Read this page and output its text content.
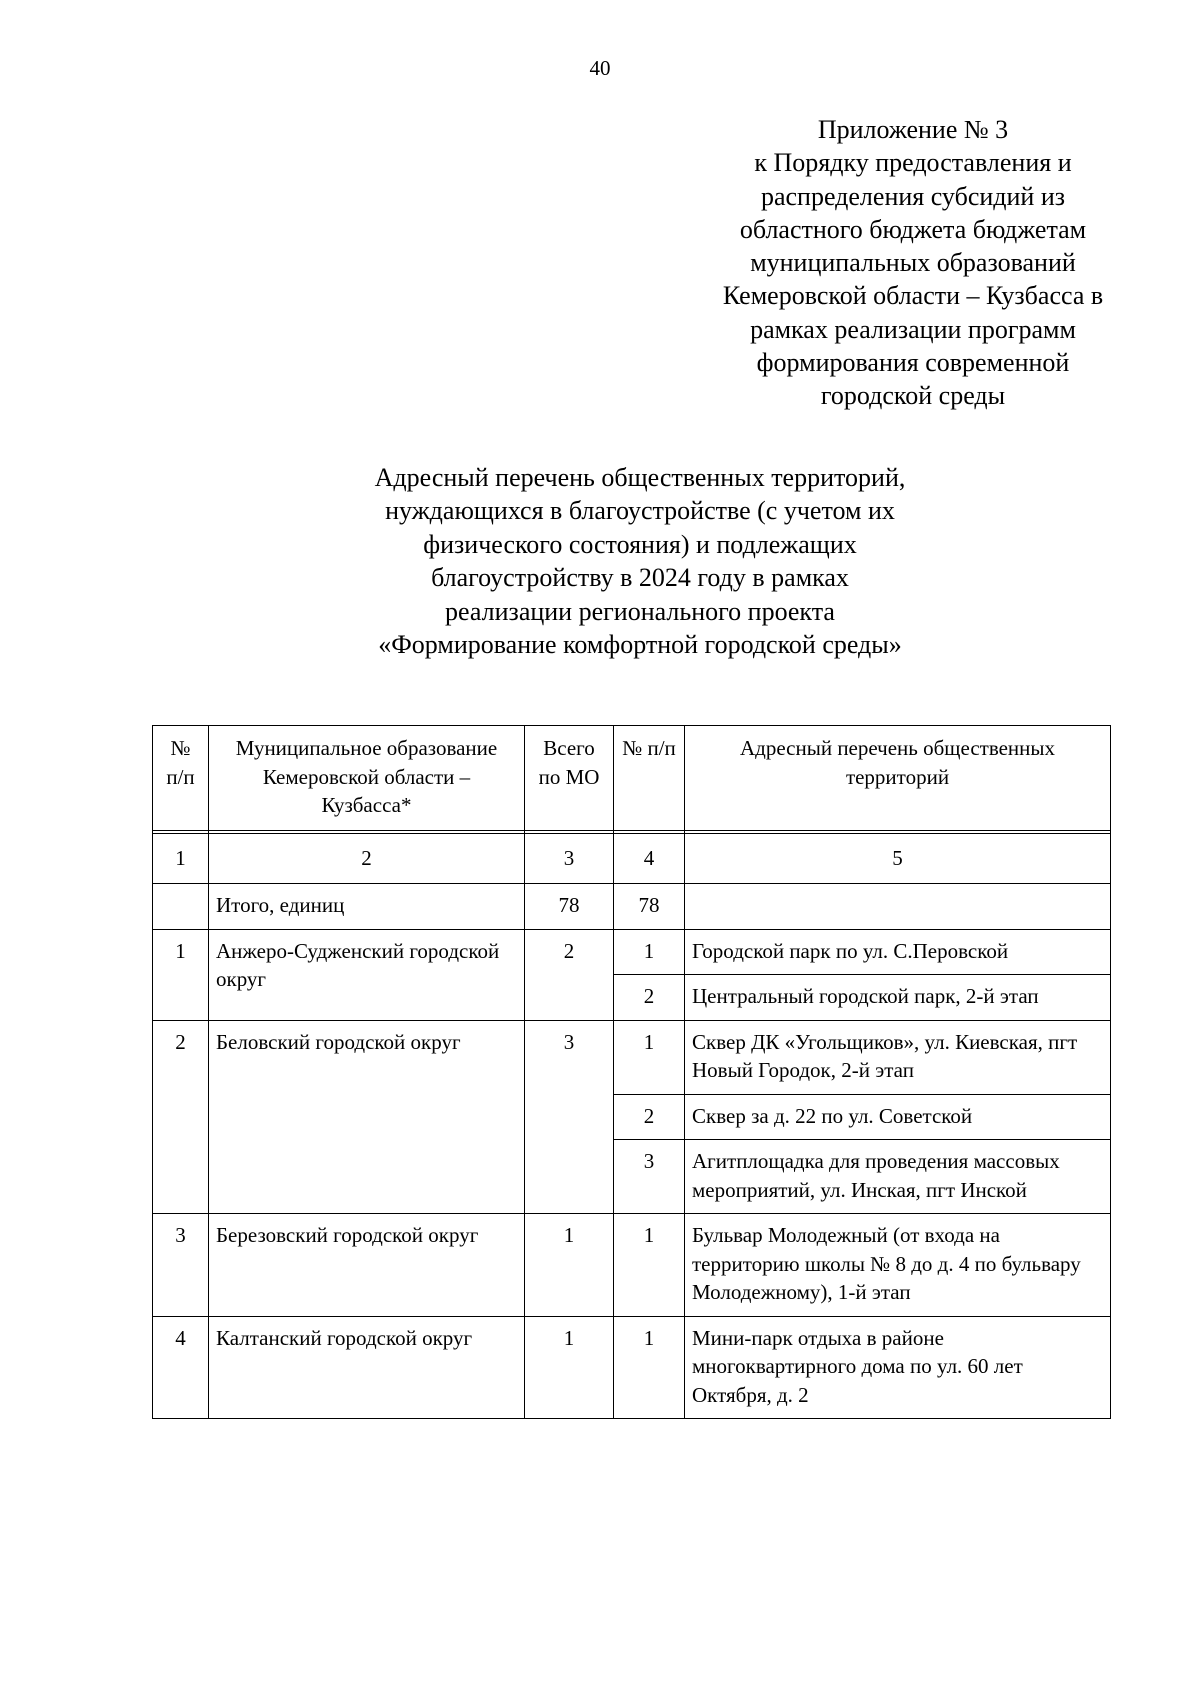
40
Приложение № 3
к Порядку предоставления и
распределения субсидий из
областного бюджета бюджетам
муниципальных образований
Кемеровской области – Кузбасса в
рамках реализации программ
формирования современной
городской среды
Адресный перечень общественных территорий,
нуждающихся в благоустройстве (с учетом их
физического состояния) и подлежащих
благоустройству в 2024 году в рамках
реализации регионального проекта
«Формирование комфортной городской среды»
№ п/п	Муниципальное образование Кемеровской области – Кузбасса*	Всего по МО	№ п/п	Адресный перечень общественных территорий

1	2	3	4	5
	Итого, единиц	78	78	
1	Анжеро-Судженский городской округ	2	1	Городской парк по ул. С.Перовской
			2	Центральный городской парк, 2-й этап
2	Беловский городской округ	3	1	Сквер ДК «Угольщиков», ул. Киевская, пгт Новый Городок, 2-й этап
			2	Сквер за д. 22 по ул. Советской
			3	Агитплощадка для проведения массовых мероприятий, ул. Инская, пгт Инской
3	Березовский городской округ	1	1	Бульвар Молодежный (от входа на территорию школы № 8 до д. 4 по бульвару Молодежному), 1-й этап
4	Калтанский городской округ	1	1	Мини-парк отдыха в районе многоквартирного дома по ул. 60 лет Октября, д. 2
